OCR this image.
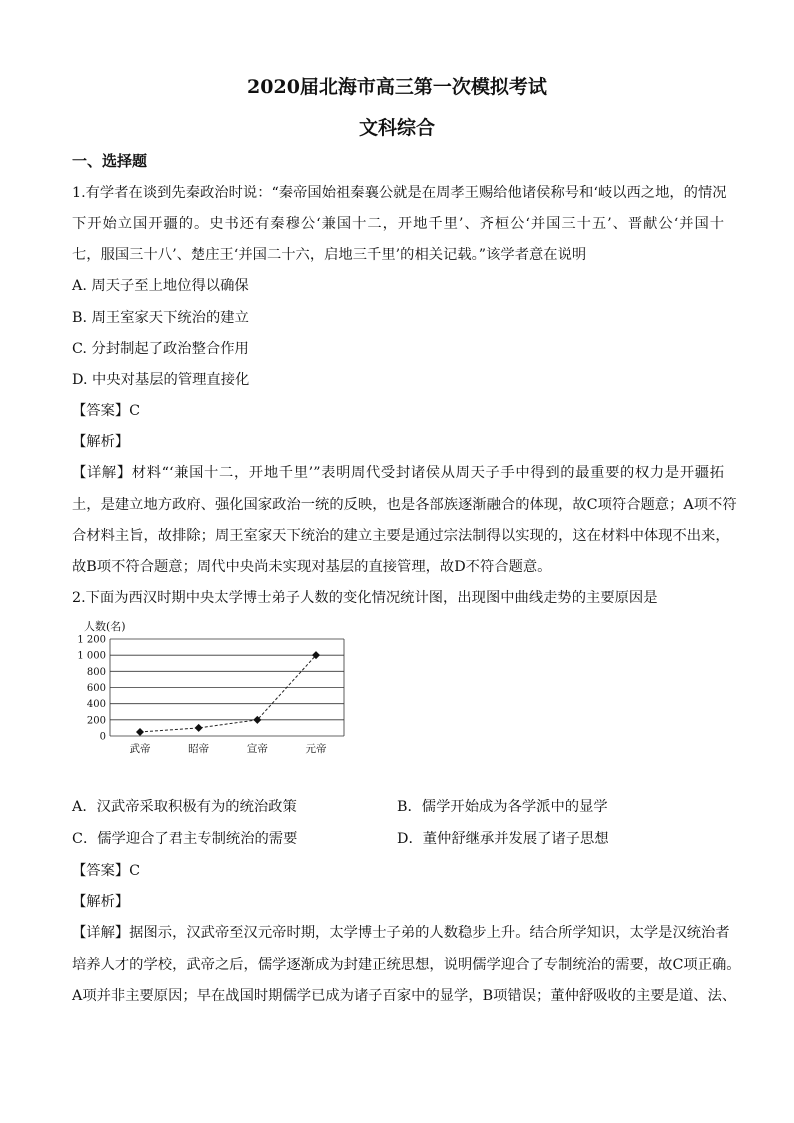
2020届北海市高三第一次模拟考试
文科综合
一、选择题
1.有学者在谈到先秦政治时说：“秦帝国始祖秦襄公就是在周孝王赐给他诸侯称号和‘岐以西之地，的情况
下开始立国开疆的。史书还有秦穆公‘兼国十二，开地千里’、齐桓公‘并国三十五’、晋献公‘并国十
七，服国三十八’、楚庄王‘并国二十六，启地三千里’的相关记载。”该学者意在说明
A. 周天子至上地位得以确保
B. 周王室家天下统治的建立
C. 分封制起了政治整合作用
D. 中央对基层的管理直接化
【答案】C
【解析】
【详解】材料“‘兼国十二，开地千里’”表明周代受封诸侯从周天子手中得到的最重要的权力是开疆拓
土，是建立地方政府、强化国家政治一统的反映，也是各部族逐渐融合的体现，故C项符合题意；A项不符
合材料主旨，故排除；周王室家天下统治的建立主要是通过宗法制得以实现的，这在材料中体现不出来，
故B项不符合题意；周代中央尚未实现对基层的直接管理，故D不符合题意。
2.下面为西汉时期中央太学博士弟子人数的变化情况统计图，出现图中曲线走势的主要原因是
人数(名)
0
200
400
600
800
1 000
1 200
武帝	昭帝	宣帝	元帝
A．汉武帝采取积极有为的统治政策	B．儒学开始成为各学派中的显学
C．儒学迎合了君主专制统治的需要	D．董仲舒继承并发展了诸子思想
【答案】C
【解析】
【详解】据图示，汉武帝至汉元帝时期，太学博士子弟的人数稳步上升。结合所学知识，太学是汉统治者
培养人才的学校，武帝之后，儒学逐渐成为封建正统思想，说明儒学迎合了专制统治的需要，故C项正确。
A项并非主要原因；早在战国时期儒学已成为诸子百家中的显学，B项错误；董仲舒吸收的主要是道、法、
